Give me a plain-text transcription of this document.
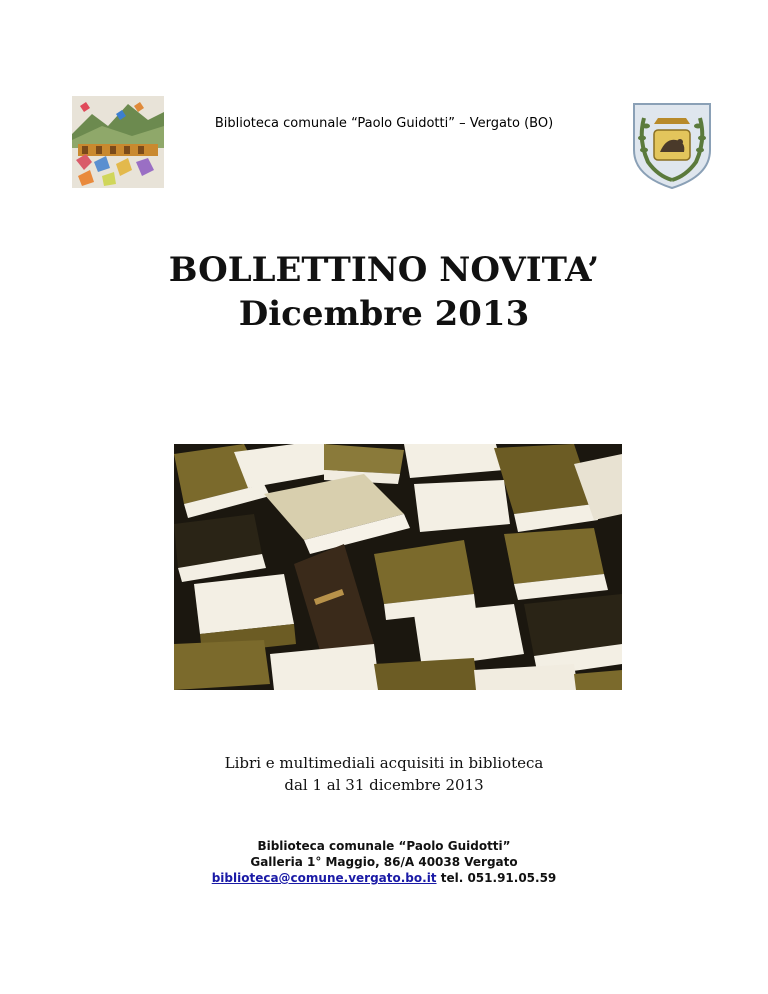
Biblioteca comunale “Paolo Guidotti” – Vergato (BO)
BOLLETTINO NOVITA’
Dicembre 2013
Libri e multimediali acquisiti in biblioteca
dal 1 al 31 dicembre 2013
Biblioteca comunale “Paolo Guidotti”
Galleria 1° Maggio, 86/A 40038 Vergato
biblioteca@comune.vergato.bo.it tel. 051.91.05.59
